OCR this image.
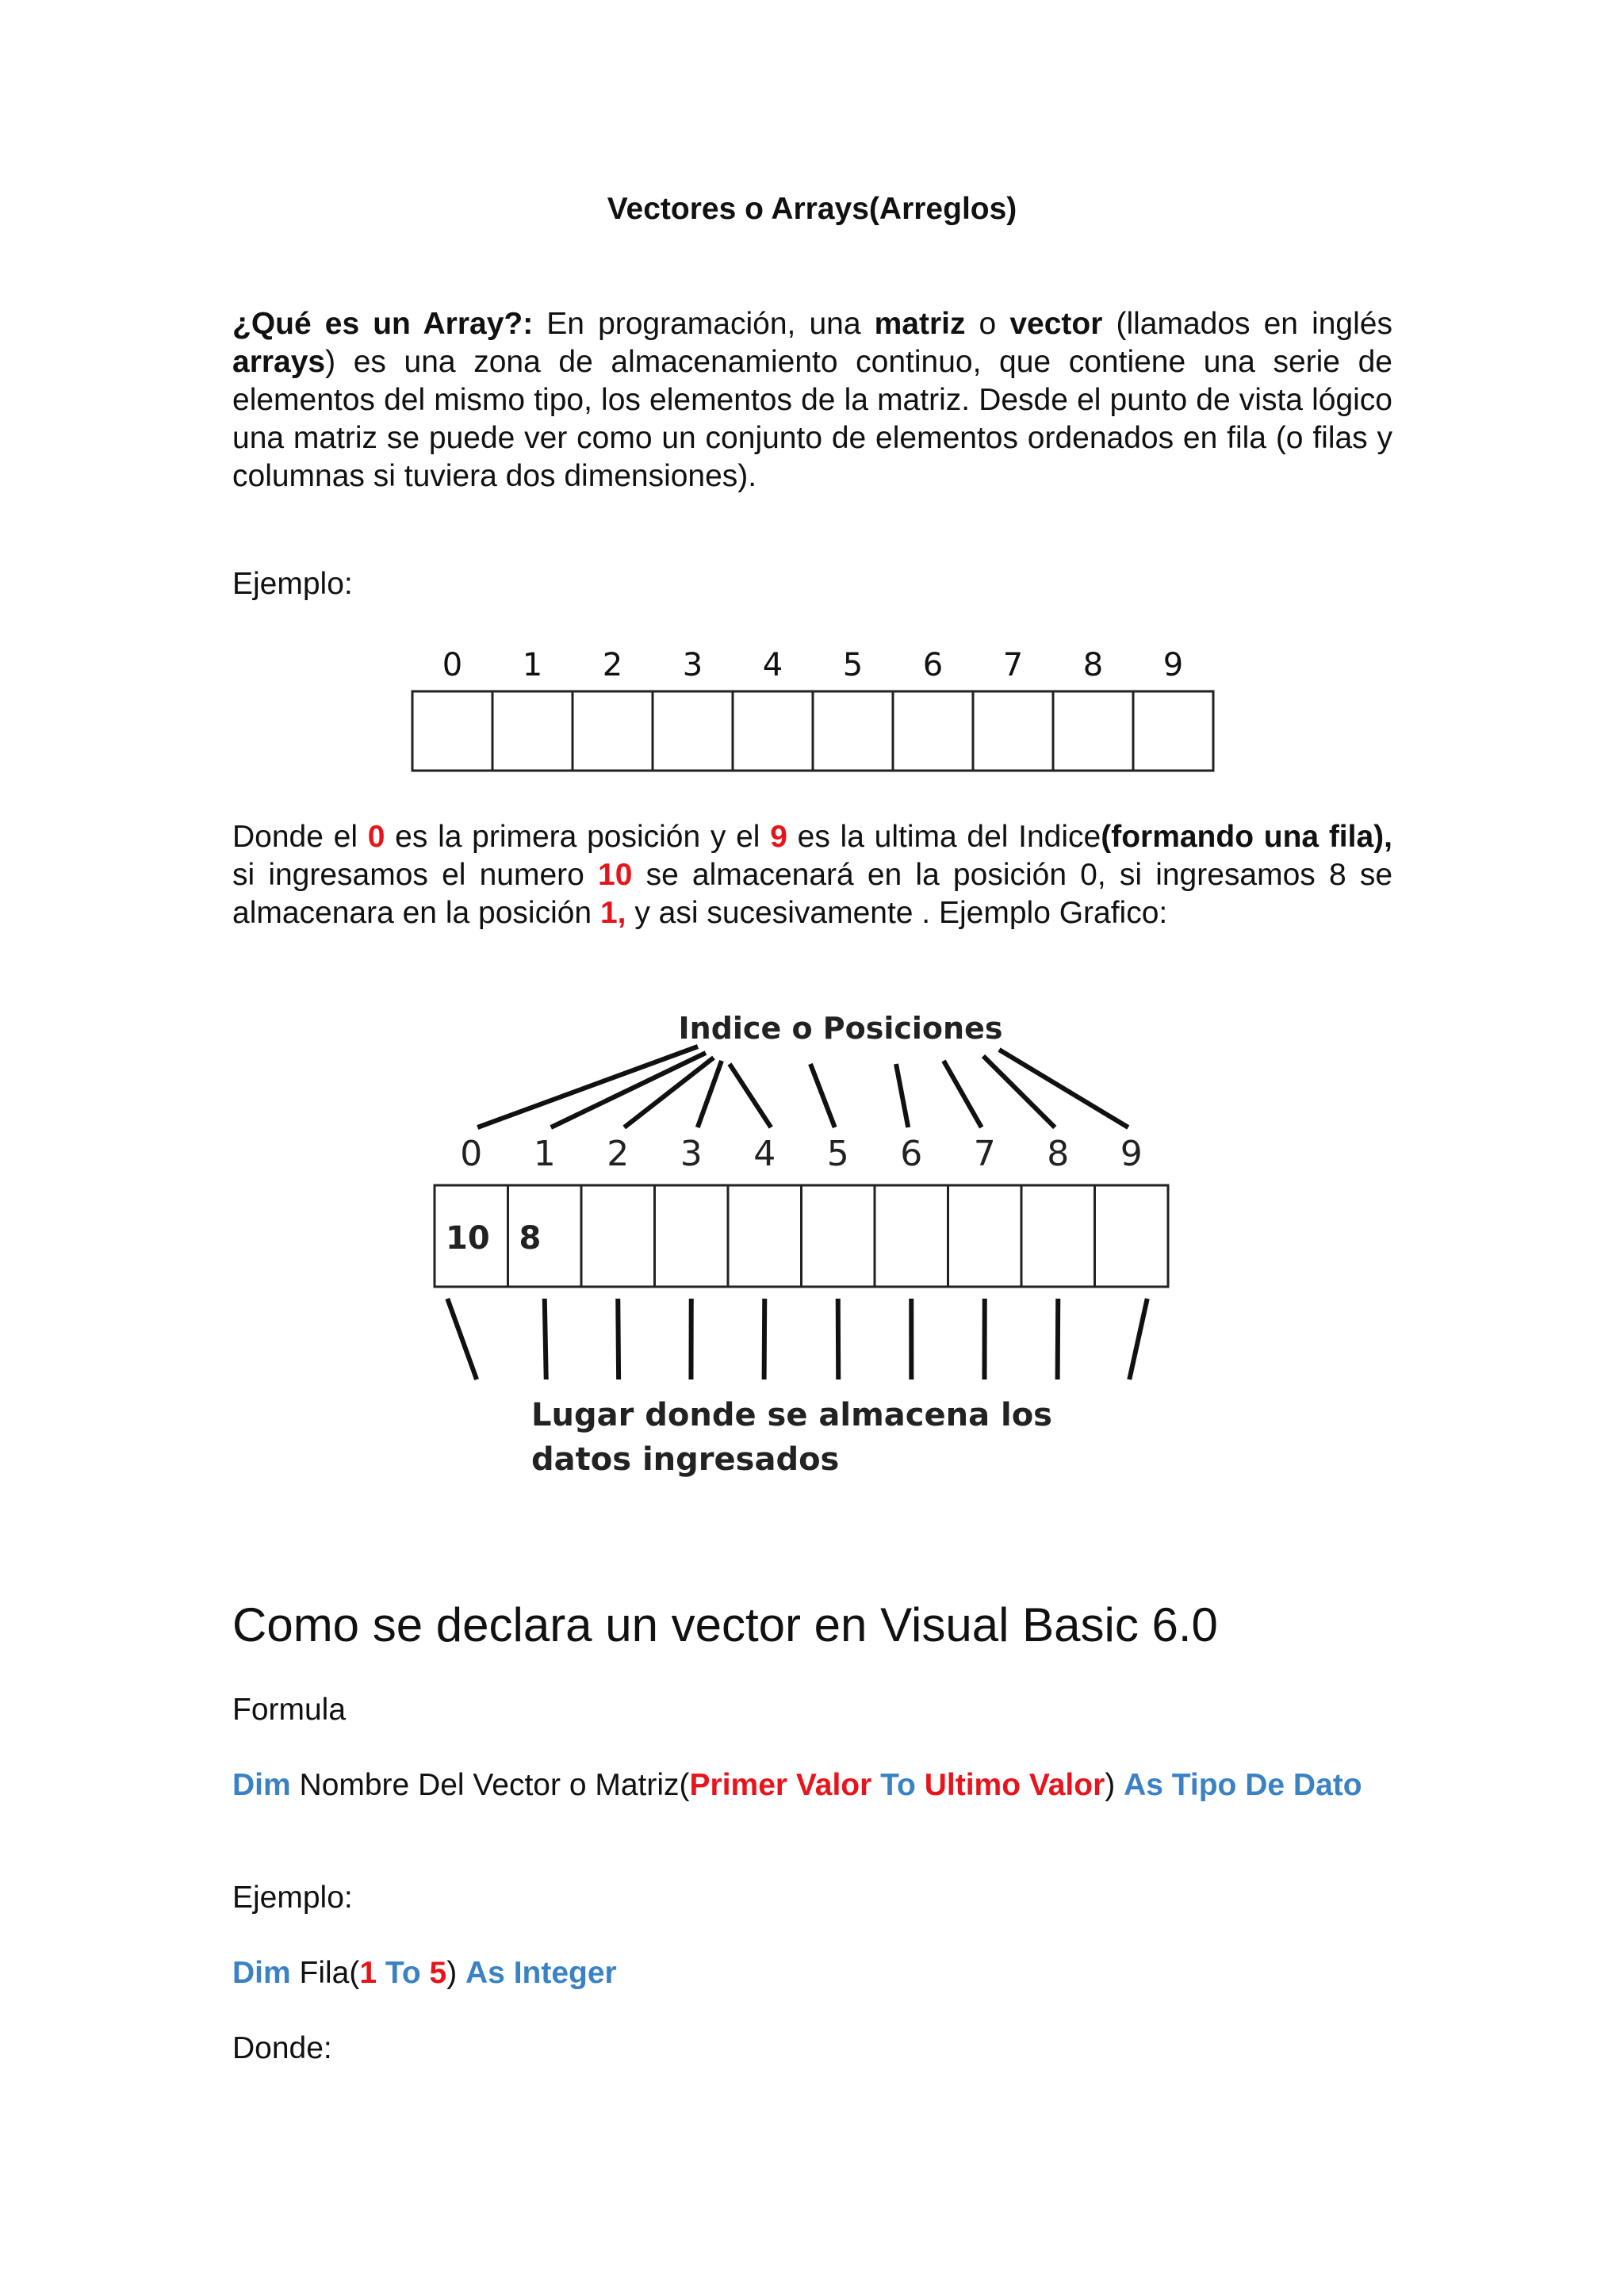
Vectores o Arrays(Arreglos)

¿Qué es un Array?: En programación, una matriz o vector (llamados en inglés arrays) es una zona de almacenamiento continuo, que contiene una serie de elementos del mismo tipo, los elementos de la matriz. Desde el punto de vista lógico una matriz se puede ver como un conjunto de elementos ordenados en fila (o filas y columnas si tuviera dos dimensiones).

Ejemplo:
0 1 2 3 4 5 6 7 8 9

Donde el 0 es la primera posición y el 9 es la ultima del Indice(formando una fila), si ingresamos el numero 10 se almacenará en la posición 0, si ingresamos 8 se almacenara en la posición 1, y asi sucesivamente . Ejemplo Grafico:

Indice o Posiciones
0 1 2 3 4 5 6 7 8 9
10 8
Lugar donde se almacena los
datos ingresados
Como se declara un vector en Visual Basic 6.0
Formula
Dim Nombre Del Vector o Matriz(Primer Valor To Ultimo Valor) As Tipo De Dato
Ejemplo:
Dim Fila(1 To 5) As Integer
Donde:
